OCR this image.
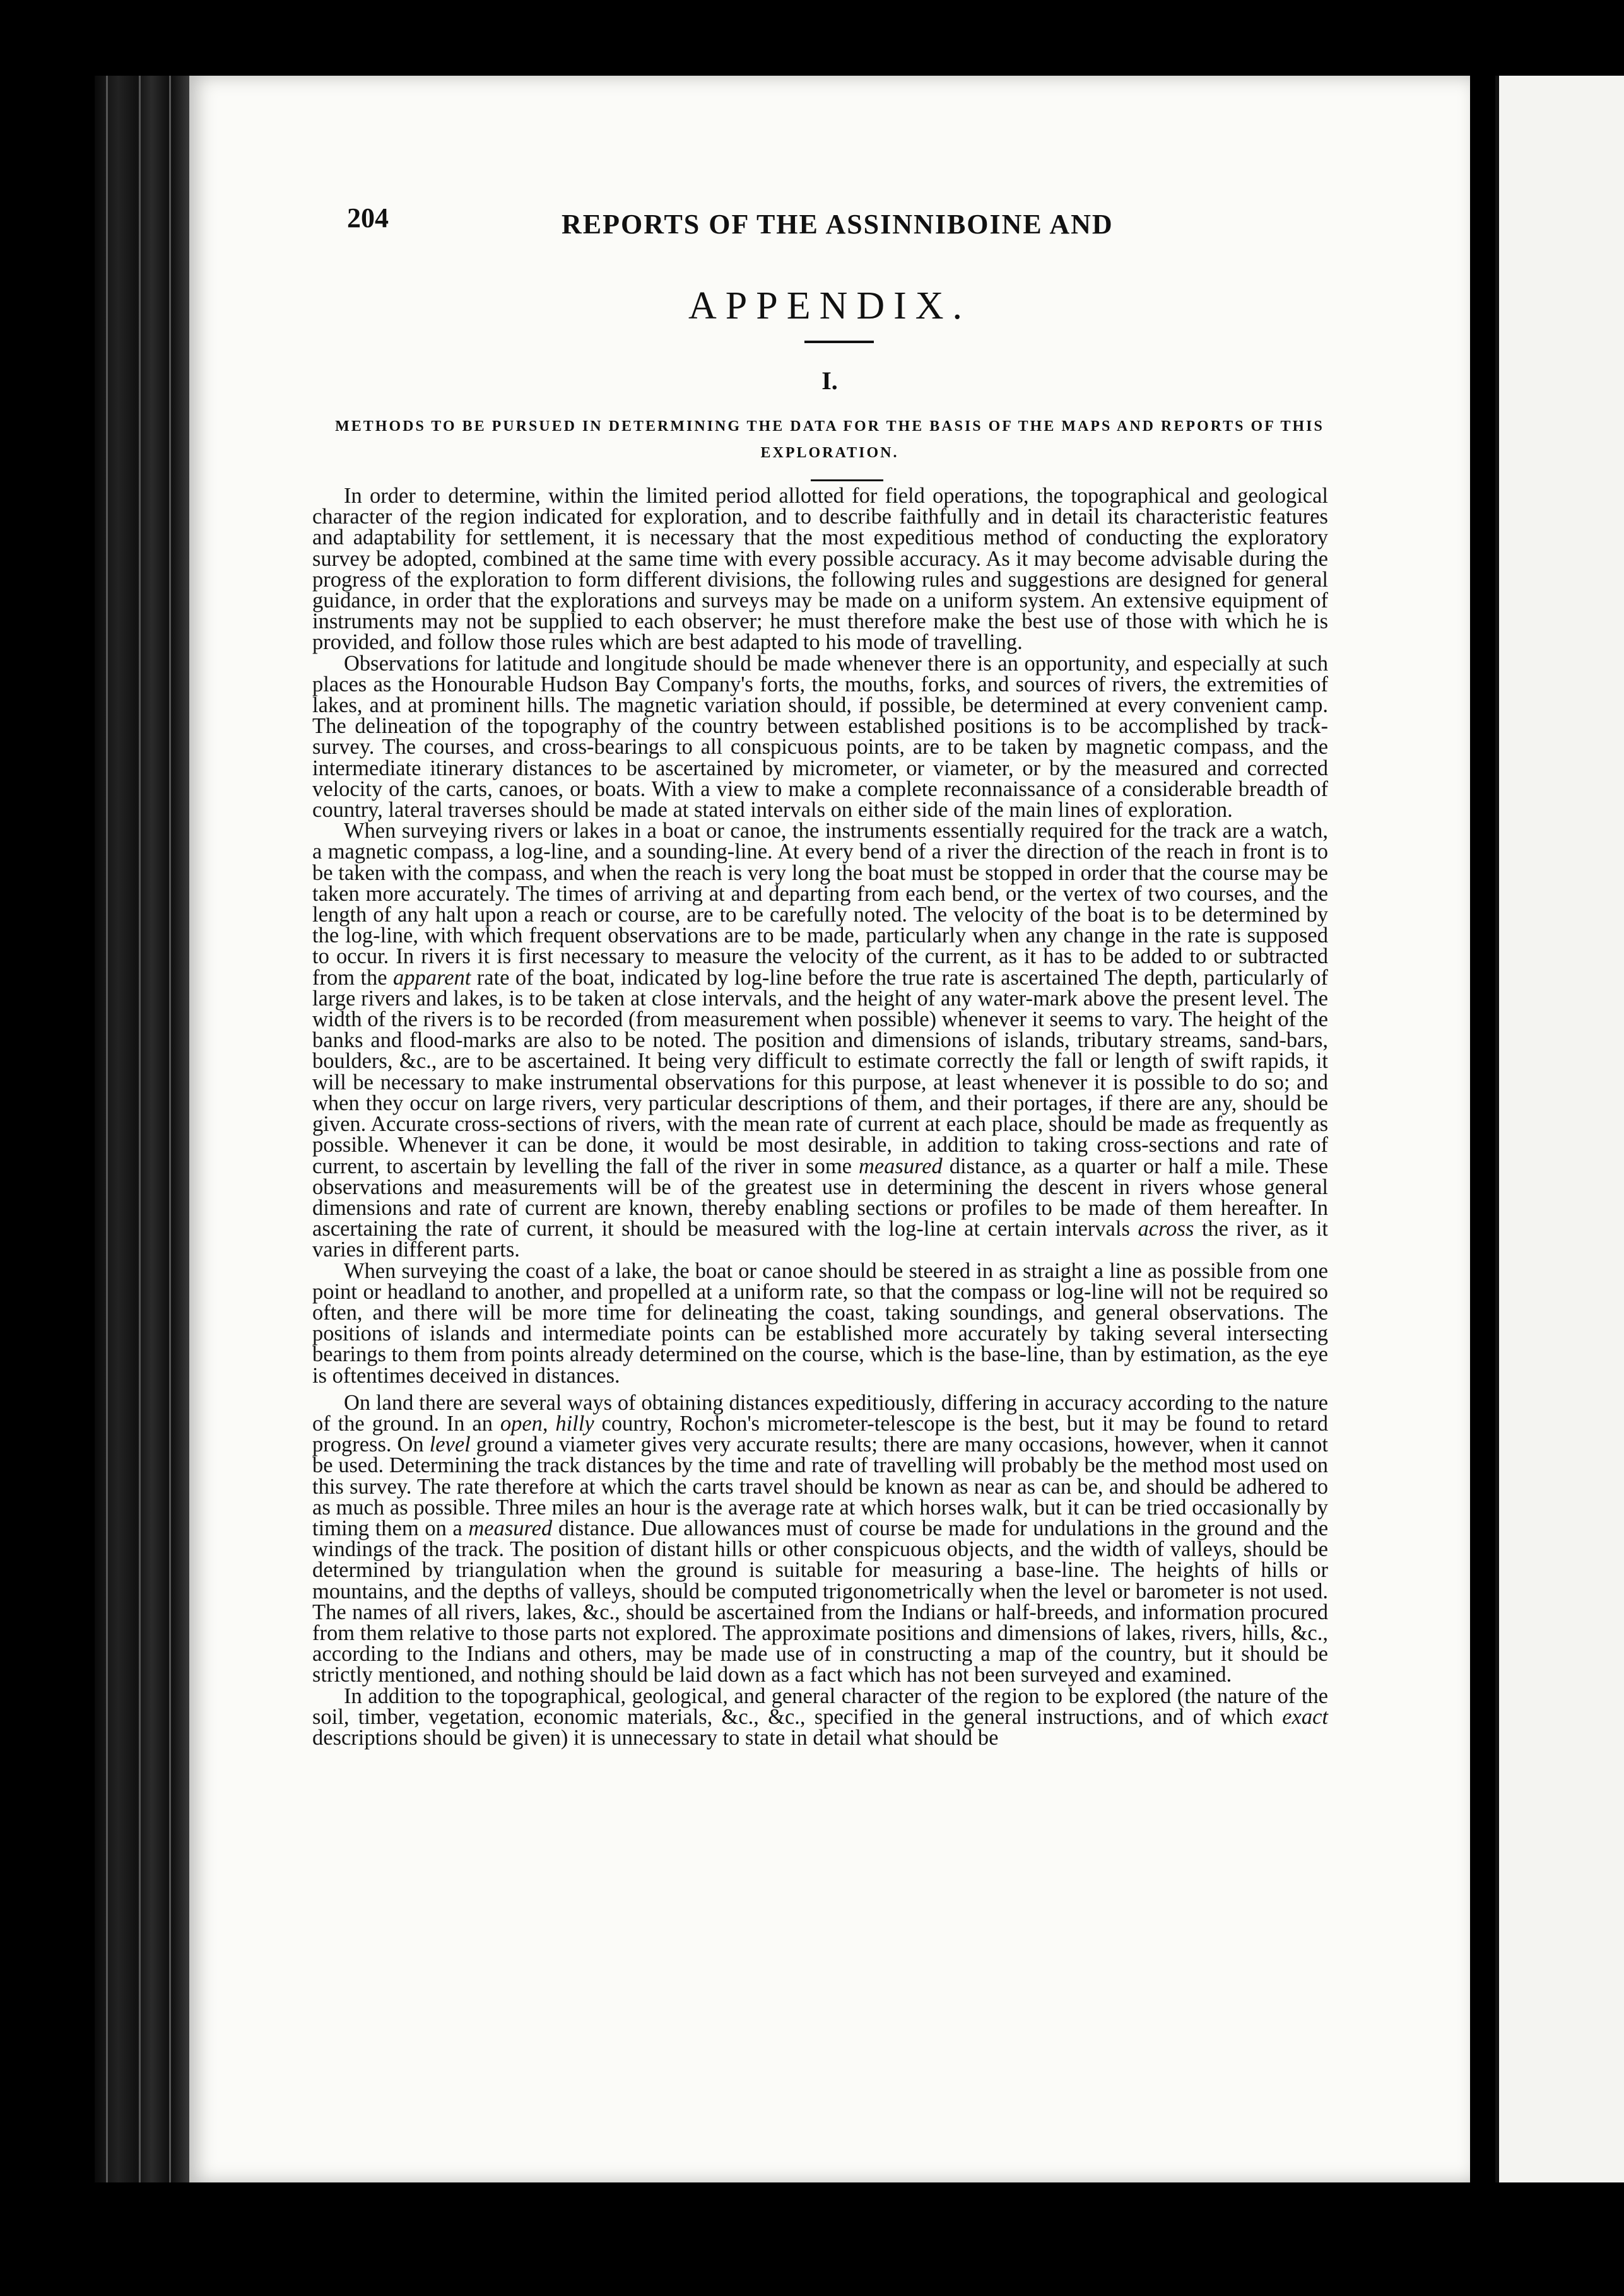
204	REPORTS OF THE ASSINNIBOINE AND
APPENDIX.
I.
METHODS TO BE PURSUED IN DETERMINING THE DATA FOR THE BASIS OF THE MAPS AND REPORTS OF THIS EXPLORATION.

In order to determine, within the limited period allotted for field operations, the topographical and geological character of the region indicated for exploration, and to describe faithfully and in detail its characteristic features and adaptability for settlement, it is necessary that the most expeditious method of conducting the exploratory survey be adopted, combined at the same time with every possible accuracy. As it may become advisable during the progress of the exploration to form different divisions, the following rules and suggestions are designed for general guidance, in order that the explorations and surveys may be made on a uniform system. An extensive equipment of instruments may not be supplied to each observer; he must therefore make the best use of those with which he is provided, and follow those rules which are best adapted to his mode of travelling.

Observations for latitude and longitude should be made whenever there is an opportunity, and especially at such places as the Honourable Hudson Bay Company's forts, the mouths, forks, and sources of rivers, the extremities of lakes, and at prominent hills. The magnetic variation should, if possible, be determined at every convenient camp. The delineation of the topography of the country between established positions is to be accomplished by track-survey. The courses, and cross-bearings to all conspicuous points, are to be taken by magnetic compass, and the intermediate itinerary distances to be ascertained by micrometer, or viameter, or by the measured and corrected velocity of the carts, canoes, or boats. With a view to make a complete reconnaissance of a considerable breadth of country, lateral traverses should be made at stated intervals on either side of the main lines of exploration.

When surveying rivers or lakes in a boat or canoe, the instruments essentially required for the track are a watch, a magnetic compass, a log-line, and a sounding-line. At every bend of a river the direction of the reach in front is to be taken with the compass, and when the reach is very long the boat must be stopped in order that the course may be taken more accurately. The times of arriving at and departing from each bend, or the vertex of two courses, and the length of any halt upon a reach or course, are to be carefully noted. The velocity of the boat is to be determined by the log-line, with which frequent observations are to be made, particularly when any change in the rate is supposed to occur. In rivers it is first necessary to measure the velocity of the current, as it has to be added to or subtracted from the apparent rate of the boat, indicated by log-line before the true rate is ascertained The depth, particularly of large rivers and lakes, is to be taken at close intervals, and the height of any water-mark above the present level. The width of the rivers is to be recorded (from measurement when possible) whenever it seems to vary. The height of the banks and flood-marks are also to be noted. The position and dimensions of islands, tributary streams, sand-bars, boulders, &c., are to be ascertained. It being very difficult to estimate correctly the fall or length of swift rapids, it will be necessary to make instrumental observations for this purpose, at least whenever it is possible to do so; and when they occur on large rivers, very particular descriptions of them, and their portages, if there are any, should be given. Accurate cross-sections of rivers, with the mean rate of current at each place, should be made as frequently as possible. Whenever it can be done, it would be most desirable, in addition to taking cross-sections and rate of current, to ascertain by levelling the fall of the river in some measured distance, as a quarter or half a mile. These observations and measurements will be of the greatest use in determining the descent in rivers whose general dimensions and rate of current are known, thereby enabling sections or profiles to be made of them hereafter. In ascertaining the rate of current, it should be measured with the log-line at certain intervals across the river, as it varies in different parts.

When surveying the coast of a lake, the boat or canoe should be steered in as straight a line as possible from one point or headland to another, and propelled at a uniform rate, so that the compass or log-line will not be required so often, and there will be more time for delineating the coast, taking soundings, and general observations. The positions of islands and intermediate points can be established more accurately by taking several intersecting bearings to them from points already determined on the course, which is the base-line, than by estimation, as the eye is oftentimes deceived in distances.

On land there are several ways of obtaining distances expeditiously, differing in accuracy according to the nature of the ground. In an open, hilly country, Rochon's micrometer-telescope is the best, but it may be found to retard progress. On level ground a viameter gives very accurate results; there are many occasions, however, when it cannot be used. Determining the track distances by the time and rate of travelling will probably be the method most used on this survey. The rate therefore at which the carts travel should be known as near as can be, and should be adhered to as much as possible. Three miles an hour is the average rate at which horses walk, but it can be tried occasionally by timing them on a measured distance. Due allowances must of course be made for undulations in the ground and the windings of the track. The position of distant hills or other conspicuous objects, and the width of valleys, should be determined by triangulation when the ground is suitable for measuring a base-line. The heights of hills or mountains, and the depths of valleys, should be computed trigonometrically when the level or barometer is not used. The names of all rivers, lakes, &c., should be ascertained from the Indians or half-breeds, and information procured from them relative to those parts not explored. The approximate positions and dimensions of lakes, rivers, hills, &c., according to the Indians and others, may be made use of in constructing a map of the country, but it should be strictly mentioned, and nothing should be laid down as a fact which has not been surveyed and examined.

In addition to the topographical, geological, and general character of the region to be explored (the nature of the soil, timber, vegetation, economic materials, &c., &c., specified in the general instructions, and of which exact descriptions should be given) it is unnecessary to state in detail what should be
